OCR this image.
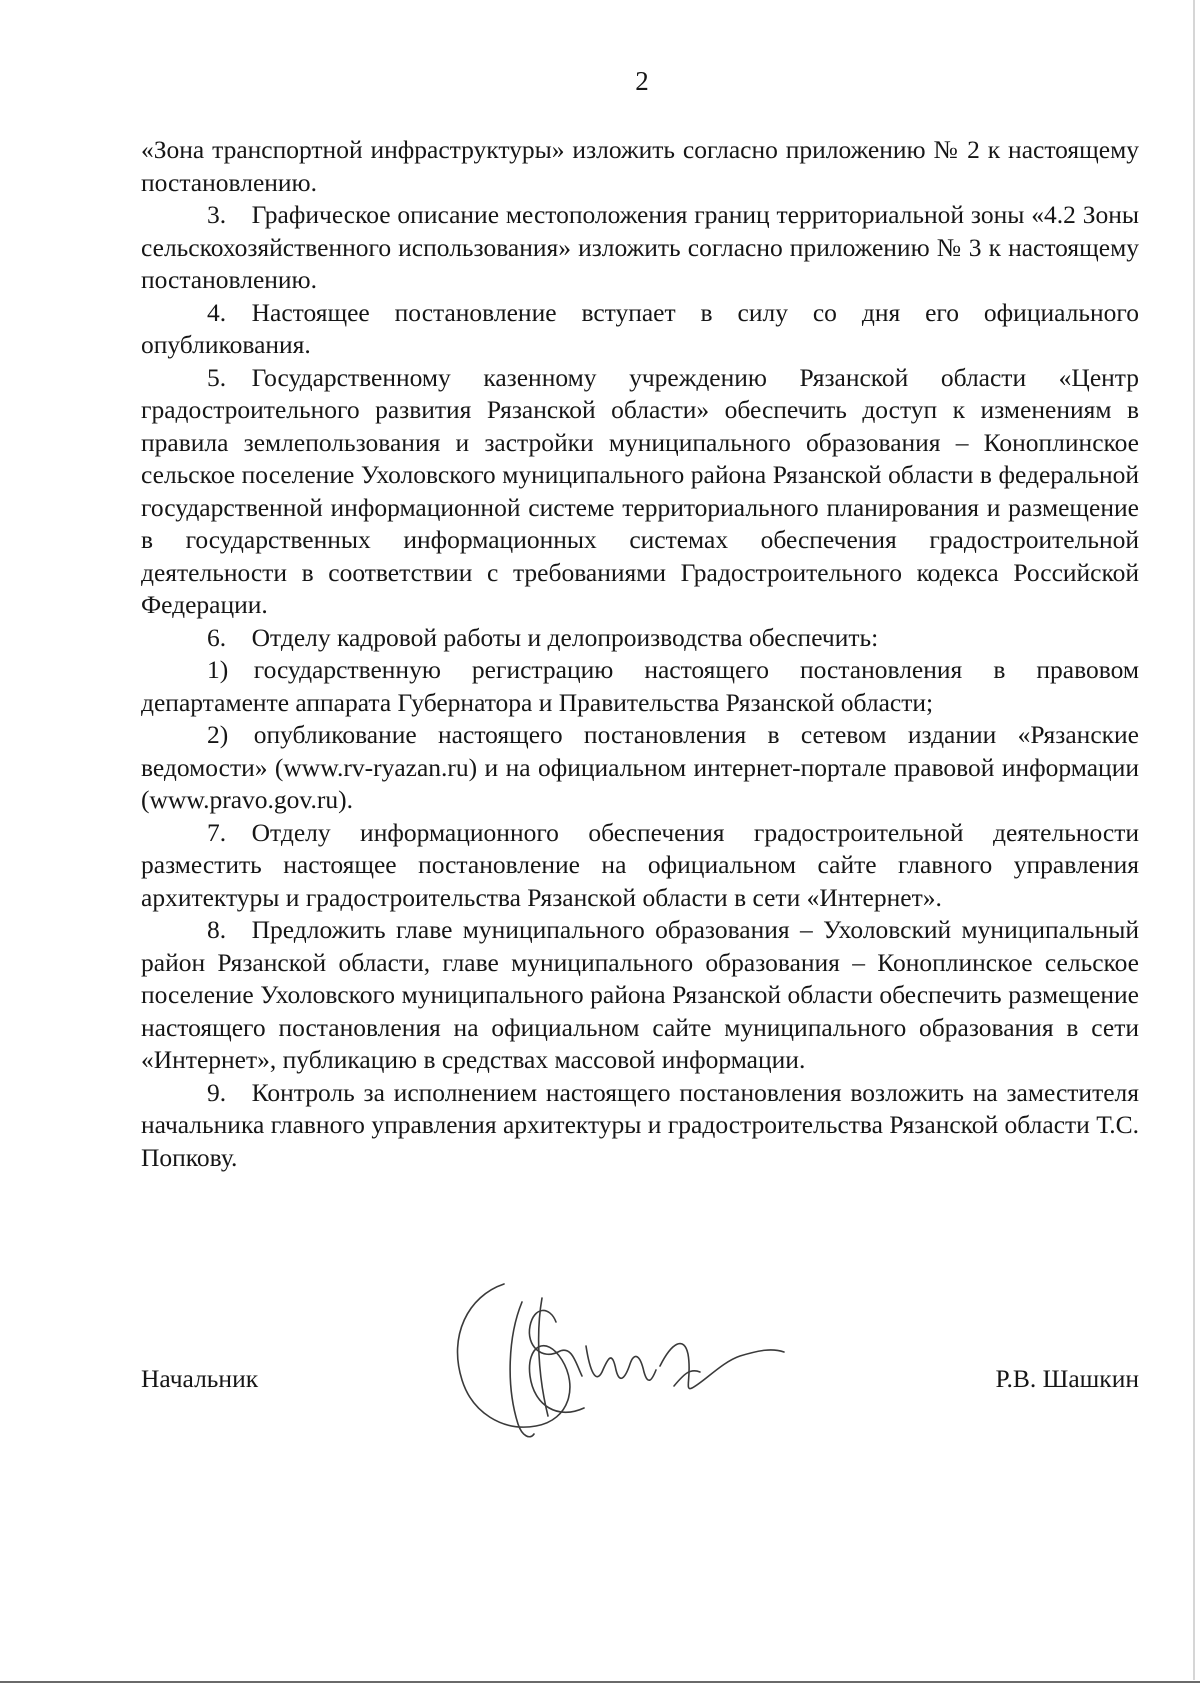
2

«Зона транспортной инфраструктуры» изложить согласно приложению № 2 к настоящему постановлению.

3. Графическое описание местоположения границ территориальной зоны «4.2 Зоны сельскохозяйственного использования» изложить согласно приложению № 3 к настоящему постановлению.

4. Настоящее постановление вступает в силу со дня его официального опубликования.

5. Государственному казенному учреждению Рязанской области «Центр градостроительного развития Рязанской области» обеспечить доступ к изменениям в правила землепользования и застройки муниципального образования – Коноплинское сельское поселение Ухоловского муниципального района Рязанской области в федеральной государственной информационной системе территориального планирования и размещение в государственных информационных системах обеспечения градостроительной деятельности в соответствии с требованиями Градостроительного кодекса Российской Федерации.

6. Отделу кадровой работы и делопроизводства обеспечить:

1) государственную регистрацию настоящего постановления в правовом департаменте аппарата Губернатора и Правительства Рязанской области;

2) опубликование настоящего постановления в сетевом издании «Рязанские ведомости» (www.rv-ryazan.ru) и на официальном интернет-портале правовой информации (www.pravo.gov.ru).

7. Отделу информационного обеспечения градостроительной деятельности разместить настоящее постановление на официальном сайте главного управления архитектуры и градостроительства Рязанской области в сети «Интернет».

8. Предложить главе муниципального образования – Ухоловский муниципальный район Рязанской области, главе муниципального образования – Коноплинское сельское поселение Ухоловского муниципального района Рязанской области обеспечить размещение настоящего постановления на официальном сайте муниципального образования в сети «Интернет», публикацию в средствах массовой информации.

9. Контроль за исполнением настоящего постановления возложить на заместителя начальника главного управления архитектуры и градостроительства Рязанской области Т.С. Попкову.

Начальник	Р.В. Шашкин
